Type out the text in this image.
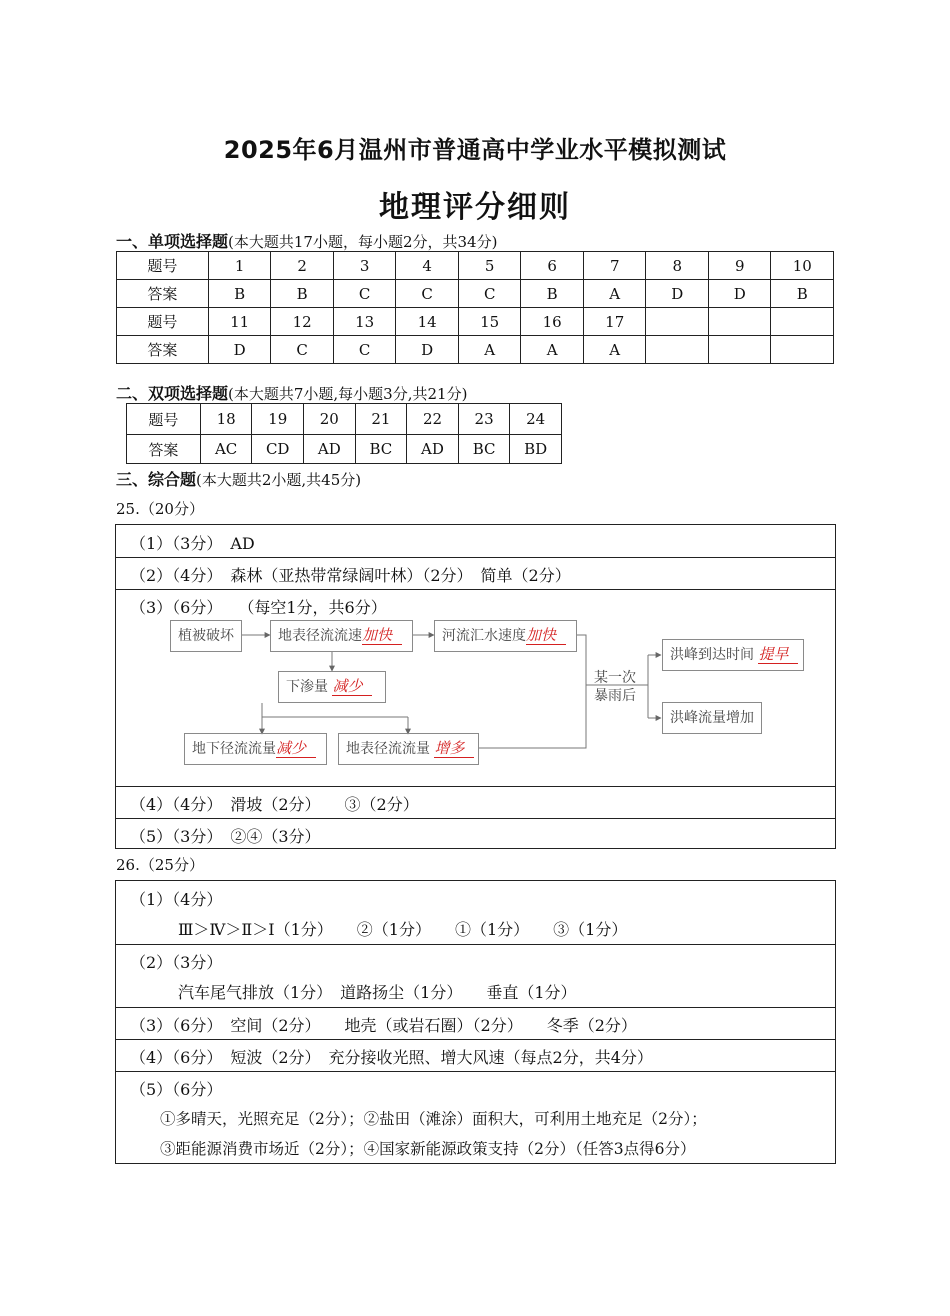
2025年6月温州市普通高中学业水平模拟测试
地理评分细则
一、单项选择题(本大题共17小题，每小题2分，共34分)
题号	1	2	3	4	5	6	7	8	9	10
答案	B	B	C	C	C	B	A	D	D	B
题号	11	12	13	14	15	16	17			
答案	D	C	C	D	A	A	A			
二、双项选择题(本大题共7小题,每小题3分,共21分)
题号	18	19	20	21	22	23	24
答案	AC	CD	AD	BC	AD	BC	BD
三、综合题(本大题共2小题,共45分)
25.（20分）
（1）（3分）　AD
（2）（4分）　森林（亚热带常绿阔叶林）（2分）　简单（2分）
（3）（6分）　　（每空1分，共6分）
植被破坏	地表径流流速加快	河流汇水速度加快
下渗量 减少
地下径流流量减少	地表径流流量 增多
某一次
暴雨后
洪峰到达时间 提早
洪峰流量增加
（4）（4分）　滑坡（2分）　　③（2分）
（5）（3分）　②④（3分）
26.（25分）
（1）（4分）
Ⅲ＞Ⅳ＞Ⅱ＞Ⅰ（1分）　　②（1分）　　①（1分）　　③（1分）
（2）（3分）
汽车尾气排放（1分）　道路扬尘（1分）　　垂直（1分）
（3）（6分）　空间（2分）　　地壳（或岩石圈）（2分）　　冬季（2分）
（4）（6分）　短波（2分）　充分接收光照、增大风速（每点2分，共4分）
（5）（6分）
①多晴天，光照充足（2分）；②盐田（滩涂）面积大，可利用土地充足（2分）；
③距能源消费市场近（2分）；④国家新能源政策支持（2分）（任答3点得6分）
